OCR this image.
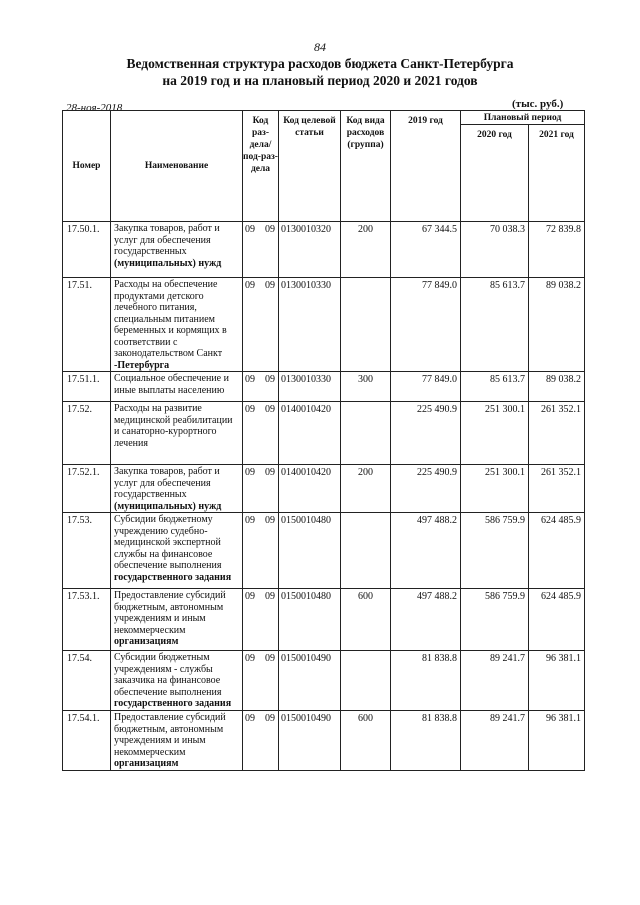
84
Ведомственная структура расходов бюджета Санкт-Петербурга
на 2019 год и на плановый период 2020 и 2021 годов
28-ноя-2018	(тыс. руб.)
Номер	Наименование	Код раз-дела/ под-раз-дела	Код целевой статьи	Код вида расходов (группа)	2019 год	Плановый период	
						2020 год	2021 год
17.50.1.	Закупка товаров, работ и услуг для обеспечения государственных (муниципальных) нужд	09 09	0130010320	200	67 344.5	70 038.3	72 839.8
17.51.	Расходы на обеспечение продуктами детского лечебного питания, специальным питанием беременных и кормящих в соответствии с законодательством Санкт -Петербурга	09 09	0130010330		77 849.0	85 613.7	89 038.2
17.51.1.	Социальное обеспечение и иные выплаты населению	09 09	0130010330	300	77 849.0	85 613.7	89 038.2
17.52.	Расходы на развитие медицинской реабилитации и санаторно-курортного лечения	09 09	0140010420		225 490.9	251 300.1	261 352.1
17.52.1.	Закупка товаров, работ и услуг для обеспечения государственных (муниципальных) нужд	09 09	0140010420	200	225 490.9	251 300.1	261 352.1
17.53.	Субсидии бюджетному учреждению судебно-медицинской экспертной службы на финансовое обеспечение выполнения государственного задания	09 09	0150010480		497 488.2	586 759.9	624 485.9
17.53.1.	Предоставление субсидий бюджетным, автономным учреждениям и иным некоммерческим организациям	09 09	0150010480	600	497 488.2	586 759.9	624 485.9
17.54.	Субсидии бюджетным учреждениям - службы заказчика на финансовое обеспечение выполнения государственного задания	09 09	0150010490		81 838.8	89 241.7	96 381.1
17.54.1.	Предоставление субсидий бюджетным, автономным учреждениям и иным некоммерческим организациям	09 09	0150010490	600	81 838.8	89 241.7	96 381.1
